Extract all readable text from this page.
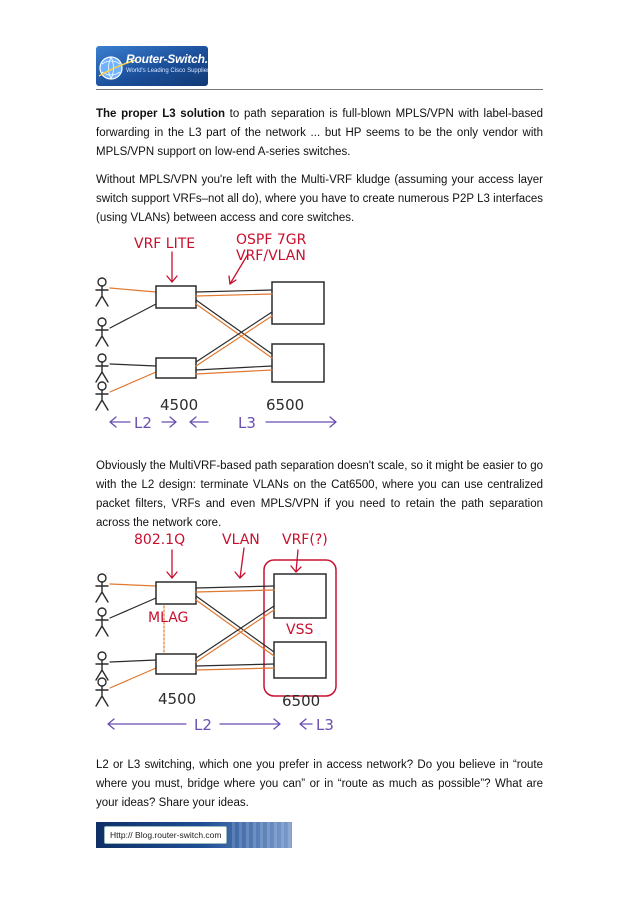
Router-Switch.com
World's Leading Cisco Supplier

The proper L3 solution to path separation is full-blown MPLS/VPN with label-based forwarding in the L3 part of the network ... but HP seems to be the only vendor with MPLS/VPN support on low-end A-series switches.

Without MPLS/VPN you're left with the Multi-VRF kludge (assuming your access layer switch support VRFs–not all do), where you have to create numerous P2P L3 interfaces (using VLANs) between access and core switches.

VRF LITE	OSPF 7GR
VRF/VLAN
4500	6500
L2	L3

Obviously the MultiVRF-based path separation doesn't scale, so it might be easier to go with the L2 design: terminate VLANs on the Cat6500, where you can use centralized packet filters, VRFs and even MPLS/VPN if you need to retain the path separation across the network core.

802.1Q	VLAN VRF(?)
MLAG
VSS
4500	6500
L2	L3

L2 or L3 switching, which one you prefer in access network? Do you believe in “route where you must, bridge where you can” or in “route as much as possible”? What are your ideas? Share your ideas.

Http:// Blog.router-switch.com
